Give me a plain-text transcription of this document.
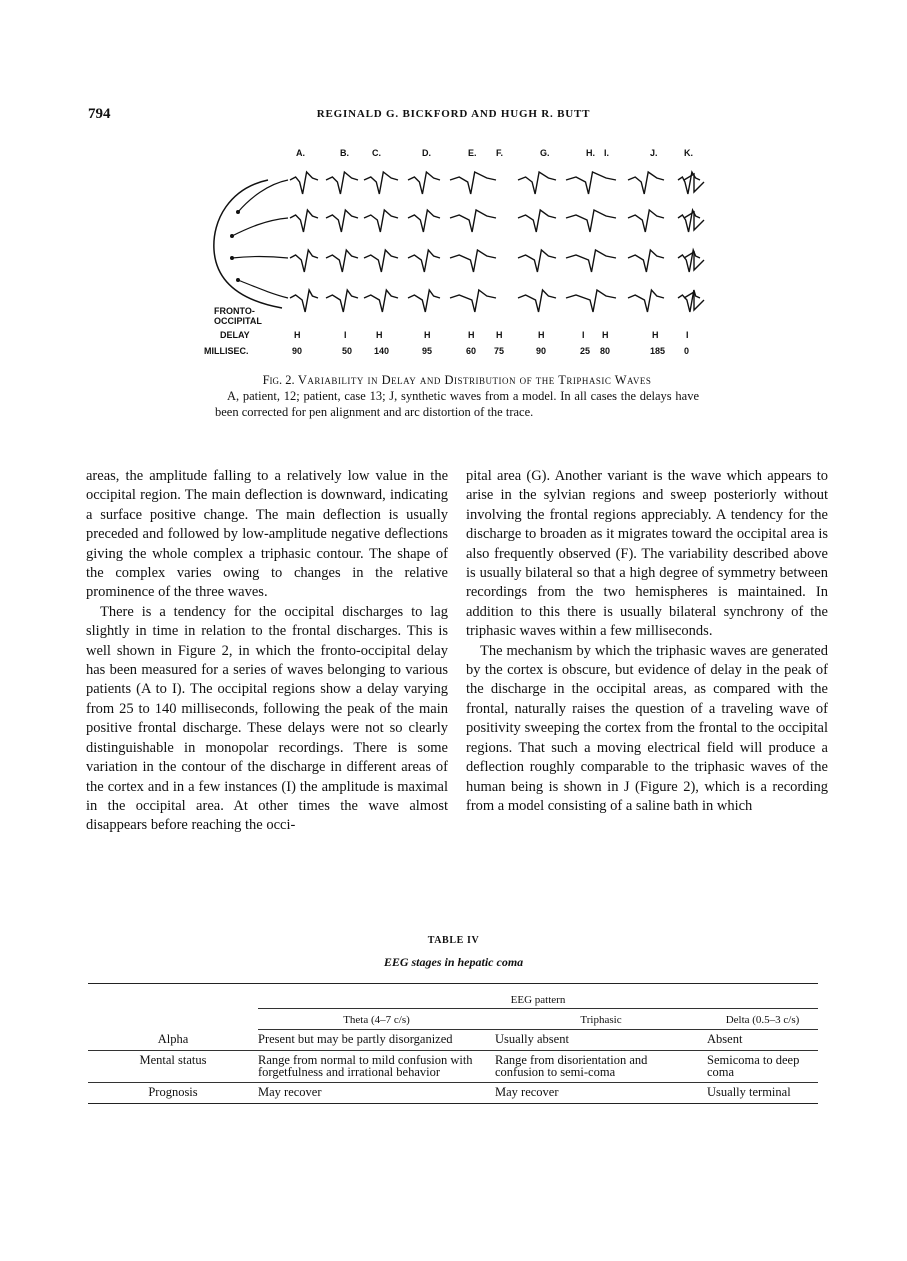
794	REGINALD G. BICKFORD AND HUGH R. BUTT
A.	B.	C.	D.	E. F.	G.	H. I.	J.	K.
FRONTO-
OCCIPITAL
DELAY
MILLISEC.
H	I	H	H	H H	H	I H	H	I
90	50 140	95	60 75	90	25 80	185 0
Fig. 2. Variability in Delay and Distribution of the Triphasic Waves
A, patient, 12; patient, case 13; J, synthetic waves from a model. In all cases the delays have been corrected for pen alignment and arc distortion of the trace.

areas, the amplitude falling to a relatively low value in the occipital region. The main deflection is downward, indicating a surface positive change. The main deflection is usually preceded and followed by low-amplitude negative deflections giving the whole complex a triphasic contour. The shape of the complex varies owing to changes in the relative prominence of the three waves.

There is a tendency for the occipital discharges to lag slightly in time in relation to the frontal discharges. This is well shown in Figure 2, in which the fronto-occipital delay has been measured for a series of waves belonging to various patients (A to I). The occipital regions show a delay varying from 25 to 140 milliseconds, following the peak of the main positive frontal discharge. These delays were not so clearly distinguishable in monopolar recordings. There is some variation in the contour of the discharge in different areas of the cortex and in a few instances (I) the amplitude is maximal in the occipital area. At other times the wave almost disappears before reaching the occi-

pital area (G). Another variant is the wave which appears to arise in the sylvian regions and sweep posteriorly without involving the frontal regions appreciably. A tendency for the discharge to broaden as it migrates toward the occipital area is also frequently observed (F). The variability described above is usually bilateral so that a high degree of symmetry between recordings from the two hemispheres is maintained. In addition to this there is usually bilateral synchrony of the triphasic waves within a few milliseconds.

The mechanism by which the triphasic waves are generated by the cortex is obscure, but evidence of delay in the peak of the discharge in the occipital areas, as compared with the frontal, naturally raises the question of a traveling wave of positivity sweeping the cortex from the frontal to the occipital regions. That such a moving electrical field will produce a deflection roughly comparable to the triphasic waves of the human being is shown in J (Figure 2), which is a recording from a model consisting of a saline bath in which

TABLE IV
EEG stages in hepatic coma

	EEG pattern		

	Theta (4–7 c/s)	Triphasic	Delta (0.5–3 c/s)
Alpha	Present but may be partly disorganized	Usually absent	Absent
Mental status	Range from normal to mild confusion with forgetfulness and irrational behavior	Range from disorientation and confusion to semi-coma	Semicoma to deep coma
Prognosis	May recover	May recover	Usually terminal
